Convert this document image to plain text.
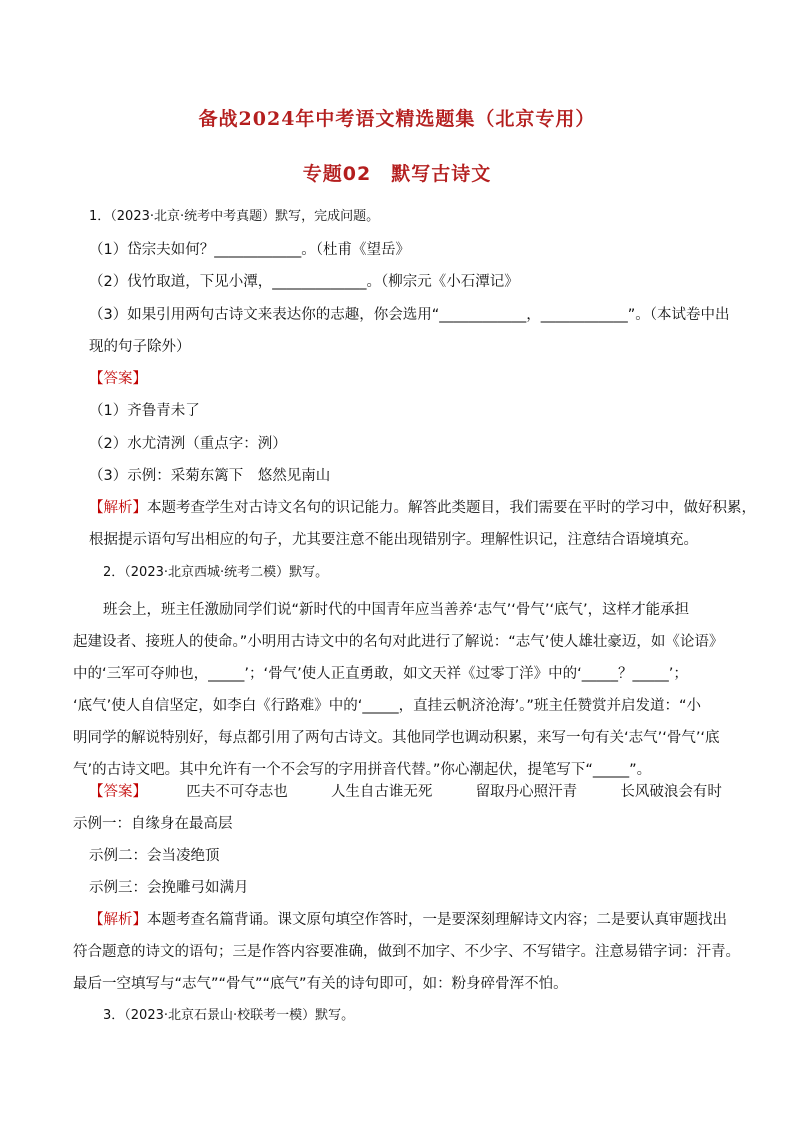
备战2024年中考语文精选题集（北京专用）
专题02　默写古诗文
1．（2023·北京·统考中考真题）默写，完成问题。
（1）岱宗夫如何？____________。（杜甫《望岳》
（2）伐竹取道，下见小潭，_____________。（柳宗元《小石潭记》
（3）如果引用两句古诗文来表达你的志趣，你会选用“____________，____________”。（本试卷中出
现的句子除外）
【答案】
（1）齐鲁青未了
（2）水尤清洌（重点字：洌）
（3）示例：采菊东篱下　悠然见南山
【解析】本题考查学生对古诗文名句的识记能力。解答此类题目，我们需要在平时的学习中，做好积累，
根据提示语句写出相应的句子，尤其要注意不能出现错别字。理解性识记，注意结合语境填充。
2．（2023·北京西城·统考二模）默写。
班会上，班主任激励同学们说“新时代的中国青年应当善养‘志气’‘骨气’‘底气’，这样才能承担
起建设者、接班人的使命。”小明用古诗文中的名句对此进行了解说：“志气’使人雄壮豪迈，如《论语》
中的‘三军可夺帅也，_____’；‘骨气’使人正直勇敢，如文天祥《过零丁洋》中的‘_____？_____’；
‘底气’使人自信坚定，如李白《行路难》中的‘_____，直挂云帆济沧海’。”班主任赞赏并启发道：“小
明同学的解说特别好，每点都引用了两句古诗文。其他同学也调动积累，来写一句有关‘志气’‘骨气’‘底
气’的古诗文吧。其中允许有一个不会写的字用拼音代替。”你心潮起伏，提笔写下“_____”。
【答案】	匹夫不可夺志也	人生自古谁无死	留取丹心照汗青	长风破浪会有时
示例一：自缘身在最高层
示例二：会当凌绝顶
示例三：会挽雕弓如满月
【解析】本题考查名篇背诵。课文原句填空作答时，一是要深刻理解诗文内容；二是要认真审题找出
符合题意的诗文的语句；三是作答内容要准确，做到不加字、不少字、不写错字。注意易错字词：汗青。
最后一空填写与“志气”“骨气”“底气”有关的诗句即可，如：粉身碎骨浑不怕。
3．（2023·北京石景山·校联考一模）默写。
